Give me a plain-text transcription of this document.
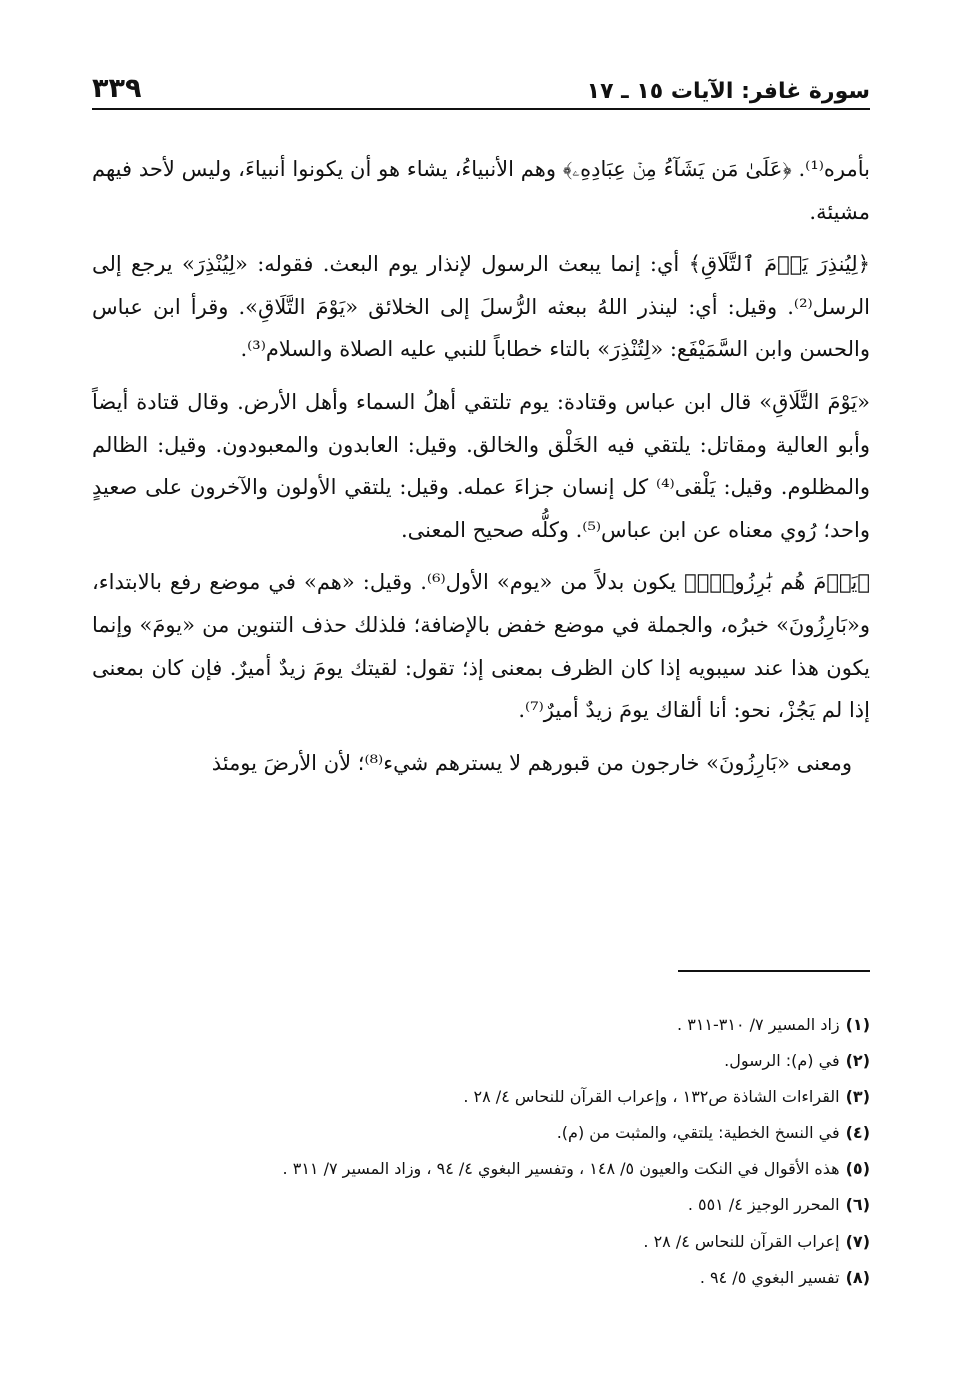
سورة غافر: الآيات ١٥ ـ ١٧
٣٣٩

بأمره⁽¹⁾. ﴿عَلَىٰ مَن يَشَآءُ مِنۡ عِبَادِهِۦ﴾ وهم الأنبياءُ، يشاء هو أن يكونوا أنبياءَ، وليس لأحد فيهم مشيئة.

﴿لِيُنذِرَ يَوۡمَ ٱلتَّلَاقِ﴾ أي: إنما يبعث الرسول لإنذار يوم البعث. فقوله: «لِيُنْذِرَ» يرجع إلى الرسل⁽²⁾. وقيل: أي: لينذر اللهُ ببعثه الرُّسلَ إلى الخلائق «يَوْمَ التَّلَاقِ». وقرأ ابن عباس والحسن وابن السَّمَيْفَع: «لِتُنْذِرَ» بالتاء خطاباً للنبي عليه الصلاة والسلام⁽³⁾.

«يَوْمَ التَّلَاقِ» قال ابن عباس وقتادة: يوم تلتقي أهلُ السماء وأهل الأرض. وقال قتادة أيضاً وأبو العالية ومقاتل: يلتقي فيه الخَلْق والخالق. وقيل: العابدون والمعبودون. وقيل: الظالم والمظلوم. وقيل: يَلْقى⁽⁴⁾ كل إنسان جزاءَ عمله. وقيل: يلتقي الأولون والآخرون على صعيدٍ واحد؛ رُوي معناه عن ابن عباس⁽⁵⁾. وكلُّه صحيح المعنى.

﴿يَوۡمَ هُم بَٰرِزُونَۖ﴾ يكون بدلاً من «يوم» الأول⁽⁶⁾. وقيل: «هم» في موضع رفع بالابتداء، و«بَارِزُونَ» خبرُه، والجملة في موضع خفض بالإضافة؛ فلذلك حذف التنوين من «يومَ» وإنما يكون هذا عند سيبويه إذا كان الظرف بمعنى إذ؛ تقول: لقيتك يومَ زيدٌ أميرٌ. فإن كان بمعنى إذا لم يَجُزْ، نحو: أنا ألقاك يومَ زيدٌ أميرٌ⁽⁷⁾.

ومعنى «بَارِزُونَ» خارجون من قبورهم لا يسترهم شيء⁽⁸⁾؛ لأن الأرضَ يومئذ

(١)زاد المسير ٧/ ٣١٠-٣١١ .
(٢)في (م): الرسول.
(٣)القراءات الشاذة ص١٣٢ ، وإعراب القرآن للنحاس ٤/ ٢٨ .
(٤)في النسخ الخطية: يلتقي، والمثبت من (م).
(٥)هذه الأقوال في النكت والعيون ٥/ ١٤٨ ، وتفسير البغوي ٤/ ٩٤ ، وزاد المسير ٧/ ٣١١ .
(٦)المحرر الوجيز ٤/ ٥٥١ .
(٧)إعراب القرآن للنحاس ٤/ ٢٨ .
(٨)تفسير البغوي ٥/ ٩٤ .
